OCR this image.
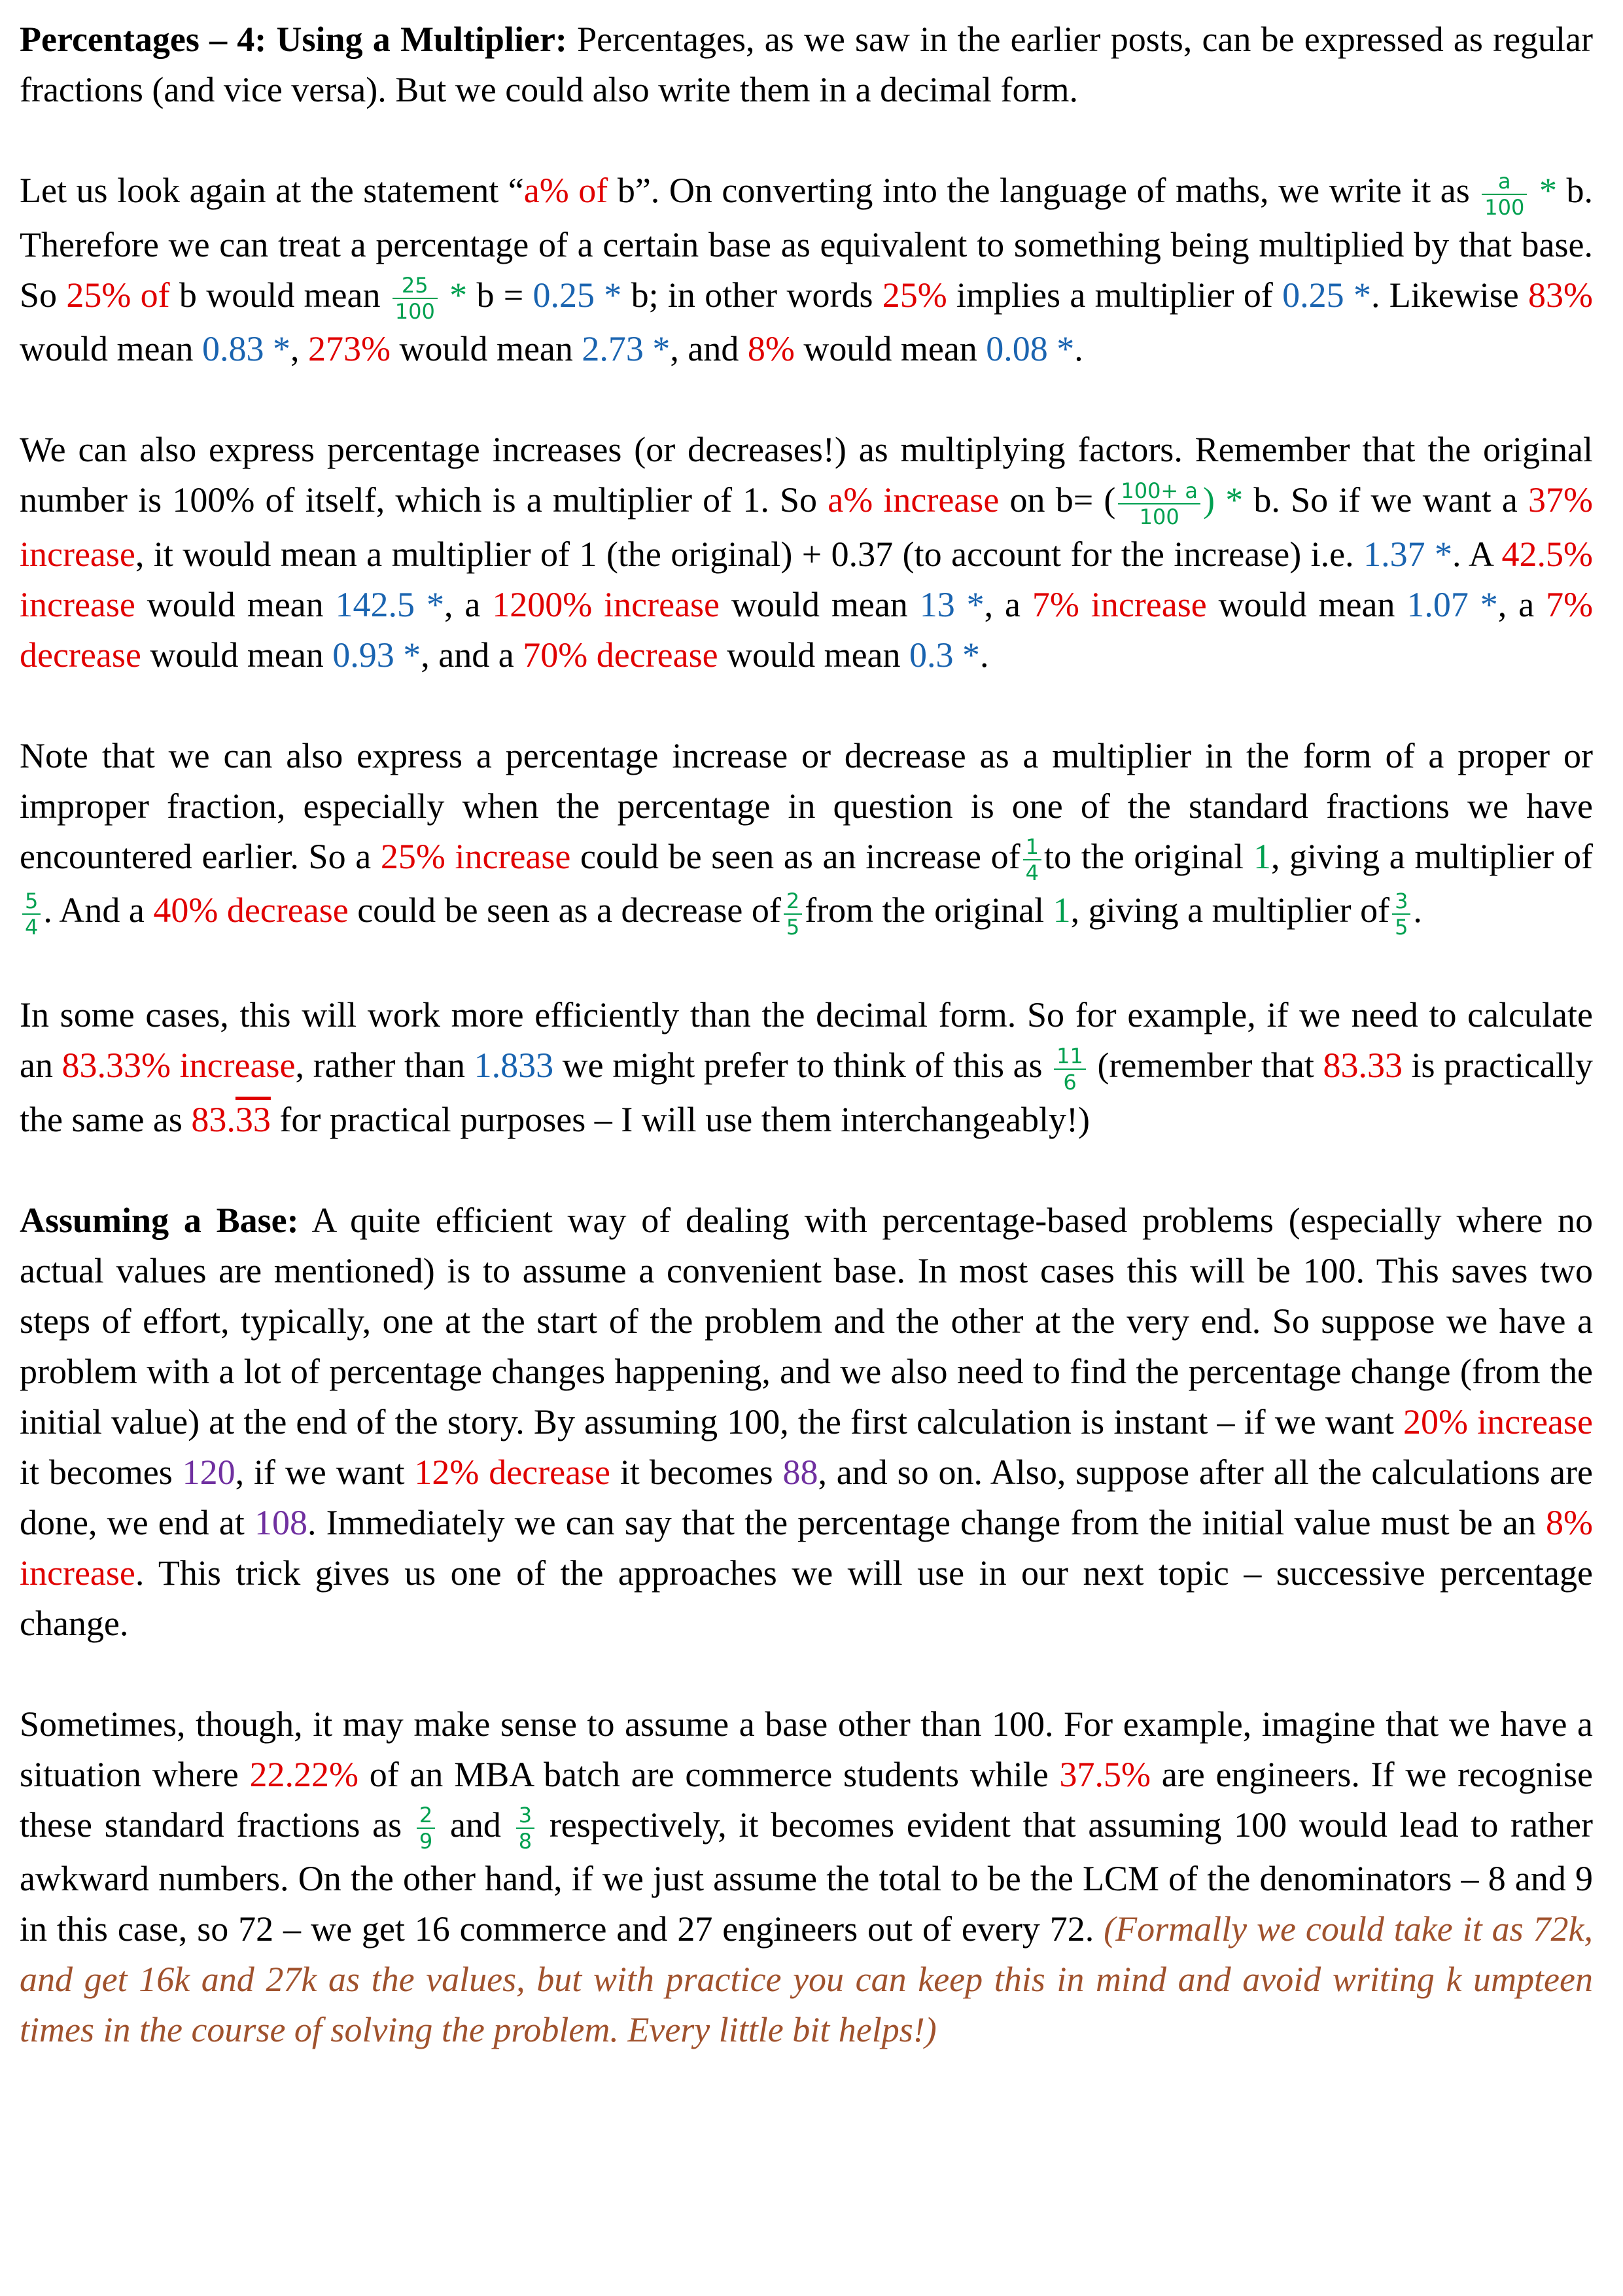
Percentages – 4: Using a Multiplier: Percentages, as we saw in the earlier posts, can be expressed as regular fractions (and vice versa). But we could also write them in a decimal form.

Let us look again at the statement “a% of b”. On converting into the language of maths, we write it as $\frac{a}{100}$ * b. Therefore we can treat a percentage of a certain base as equivalent to something being multiplied by that base. So 25% of b would mean $\frac{25}{100} * b = 0.25 * b$; in other words 25% implies a multiplier of 0.25 *. Likewise 83% would mean 0.83 *, 273% would mean 2.73 *, and 8% would mean 0.08 *.

We can also express percentage increases (or decreases!) as multiplying factors. Remember that the original number is 100% of itself, which is a multiplier of 1. So a% increase on b= ( $\frac{100+ a}{100}$ ) * b. So if we want a 37% increase, it would mean a multiplier of 1 (the original) + 0.37 (to account for the increase) i.e. 1.37 *. A 42.5% increase would mean 142.5 *, a 1200% increase would mean 13 *, a 7% increase would mean 1.07 *, a 7% decrease would mean 0.93 *, and a 70% decrease would mean 0.3 *.

Note that we can also express a percentage increase or decrease as a multiplier in the form of a proper or improper fraction, especially when the percentage in question is one of the standard fractions we have encountered earlier. So a 25% increase could be seen as an increase of $\frac{1}{4}$ to the original 1, giving a multiplier of
$\frac{5}{4}$ . And a 40% decrease could be seen as a decrease of $\frac{2}{5}$ from the original 1, giving a multiplier of $\frac{3}{5}$ .

In some cases, this will work more efficiently than the decimal form. So for example, if we need to calculate an 83.33% increase, rather than 1.833 we might prefer to think of this as $\frac{11}{6}$ (remember that 83.33 is practically the same as 83.33 for practical purposes – I will use them interchangeably!)

Assuming a Base: A quite efficient way of dealing with percentage-based problems (especially where no actual values are mentioned) is to assume a convenient base. In most cases this will be 100. This saves two steps of effort, typically, one at the start of the problem and the other at the very end. So suppose we have a problem with a lot of percentage changes happening, and we also need to find the percentage change (from the initial value) at the end of the story. By assuming 100, the first calculation is instant – if we want 20% increase it becomes 120, if we want 12% decrease it becomes 88, and so on. Also, suppose after all the calculations are done, we end at 108. Immediately we can say that the percentage change from the initial value must be an 8% increase. This trick gives us one of the approaches we will use in our next topic – successive percentage change.

Sometimes, though, it may make sense to assume a base other than 100. For example, imagine that we have a situation where 22.22% of an MBA batch are commerce students while 37.5% are engineers. If we recognise these standard fractions as $\frac{2}{9}$ and $\frac{3}{8}$ respectively, it becomes evident that assuming 100 would lead to rather awkward numbers. On the other hand, if we just assume the total to be the LCM of the denominators – 8 and 9 in this case, so 72 – we get 16 commerce and 27 engineers out of every 72. (Formally we could take it as 72k, and get 16k and 27k as the values, but with practice you can keep this in mind and avoid writing k umpteen times in the course of solving the problem. Every little bit helps!)
